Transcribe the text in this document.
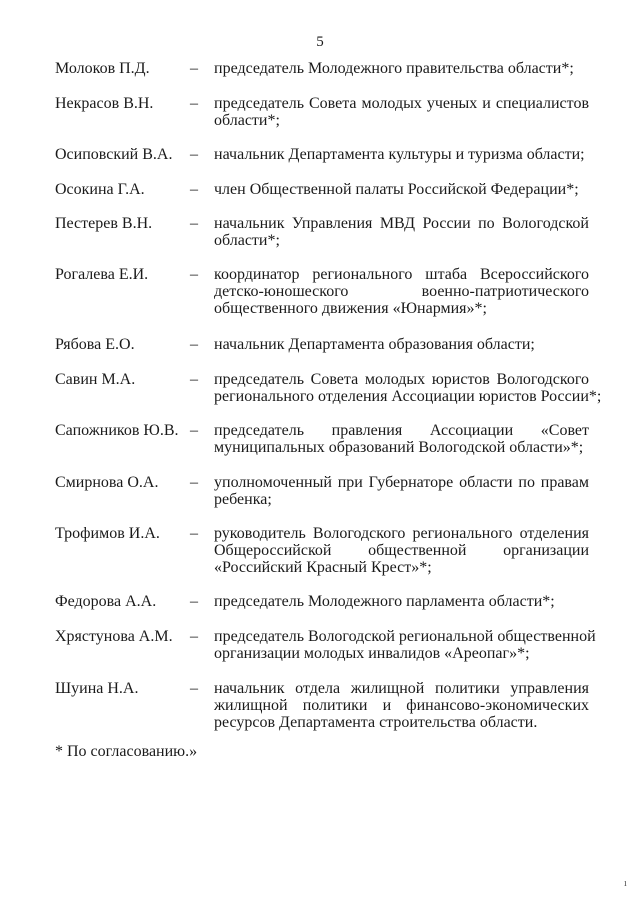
5
Молоков П.Д.	– председатель Молодежного правительства области*;
Некрасов В.Н. – председатель Совета молодых ученых и специалистов
области*;
Осиповский В.А. – начальник Департамента культуры и туризма области;
Осокина Г.А.	– член Общественной палаты Российской Федерации*;
Пестерев В.Н. – начальник Управления МВД России по Вологодской
области*;
Рогалева Е.И.	– координатор регионального штаба Всероссийского
детско-юношеского военно-патриотического
общественного движения «Юнармия»*;
Рябова Е.О.	– начальник Департамента образования области;
Савин М.А.	– председатель Совета молодых юристов Вологодского
регионального отделения Ассоциации юристов России*;
Сапожников Ю.В. – председатель правления Ассоциации «Совет
муниципальных образований Вологодской области»*;
Смирнова О.А. – уполномоченный при Губернаторе области по правам
ребенка;
Трофимов И.А. – руководитель Вологодского регионального отделения
Общероссийской общественной организации
«Российский Красный Крест»*;
Федорова А.А. – председатель Молодежного парламента области*;
Хрястунова А.М. – председатель Вологодской региональной общественной
организации молодых инвалидов «Ареопаг»*;
Шуина Н.А.	– начальник отдела жилищной политики управления
жилищной политики и финансово-экономических
ресурсов Департамента строительства области.
* По согласованию.»
ı
